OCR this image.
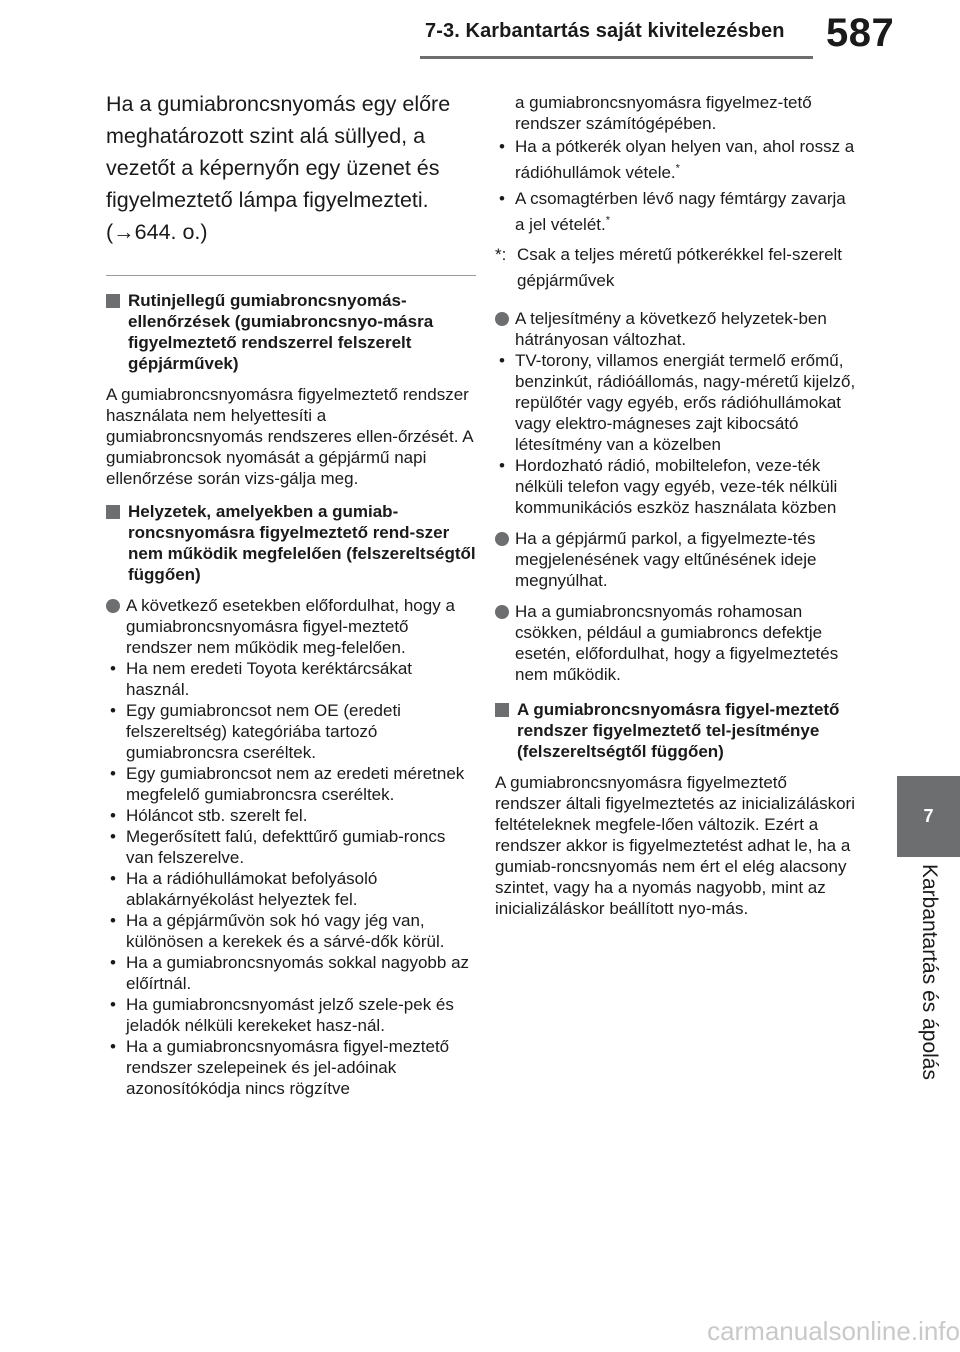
7-3. Karbantartás saját kivitelezésben 587
7
Karbantartás és ápolás

Ha a gumiabroncsnyomás egy előre meghatározott szint alá süllyed, a vezetőt a képernyőn egy üzenet és figyelmeztető lámpa figyelmezteti. (→644. o.)

Rutinjellegű gumiabroncsnyomás-ellenőrzések (gumiabroncsnyo-másra figyelmeztető rendszerrel felszerelt gépjárművek)

A gumiabroncsnyomásra figyelmeztető rendszer használata nem helyettesíti a gumiabroncsnyomás rendszeres ellen-őrzését. A gumiabroncsok nyomását a gépjármű napi ellenőrzése során vizs-gálja meg.

Helyzetek, amelyekben a gumiab-roncsnyomásra figyelmeztető rend-szer nem működik megfelelően (felszereltségtől függően)
A következő esetekben előfordulhat, hogy a gumiabroncsnyomásra figyel-meztető rendszer nem működik meg-felelően.
• Ha nem eredeti Toyota keréktárcsákat használ.
• Egy gumiabroncsot nem OE (eredeti felszereltség) kategóriába tartozó gumiabroncsra cseréltek.
• Egy gumiabroncsot nem az eredeti méretnek megfelelő gumiabroncsra cseréltek.
• Hóláncot stb. szerelt fel.
• Megerősített falú, defekttűrő gumiab-roncs van felszerelve.
• Ha a rádióhullámokat befolyásoló ablakárnyékolást helyeztek fel.
• Ha a gépjárművön sok hó vagy jég van, különösen a kerekek és a sárvé-dők körül.
• Ha a gumiabroncsnyomás sokkal nagyobb az előírtnál.
• Ha gumiabroncsnyomást jelző szele-pek és jeladók nélküli kerekeket hasz-nál.
• Ha a gumiabroncsnyomásra figyel-meztető rendszer szelepeinek és jel-adóinak azonosítókódja nincs rögzítve
a gumiabroncsnyomásra figyelmez-tető rendszer számítógépében.
• Ha a pótkerék olyan helyen van, ahol rossz a rádióhullámok vétele.*
• A csomagtérben lévő nagy fémtárgy zavarja a jel vételét.*
*: Csak a teljes méretű pótkerékkel fel-szerelt gépjárművek
A teljesítmény a következő helyzetek-ben hátrányosan változhat.
• TV-torony, villamos energiát termelő erőmű, benzinkút, rádióállomás, nagy-méretű kijelző, repülőtér vagy egyéb, erős rádióhullámokat vagy elektro-mágneses zajt kibocsátó létesítmény van a közelben
• Hordozható rádió, mobiltelefon, veze-ték nélküli telefon vagy egyéb, veze-ték nélküli kommunikációs eszköz használata közben
Ha a gépjármű parkol, a figyelmezte-tés megjelenésének vagy eltűnésének ideje megnyúlhat.
Ha a gumiabroncsnyomás rohamosan csökken, például a gumiabroncs defektje esetén, előfordulhat, hogy a figyelmeztetés nem működik.
A gumiabroncsnyomásra figyel-meztető rendszer figyelmeztető tel-jesítménye (felszereltségtől függően)

A gumiabroncsnyomásra figyelmeztető rendszer általi figyelmeztetés az inicializáláskori feltételeknek megfele-lően változik. Ezért a rendszer akkor is figyelmeztetést adhat le, ha a gumiab-roncsnyomás nem ért el elég alacsony szintet, vagy ha a nyomás nagyobb, mint az inicializáláskor beállított nyo-más.

carmanualsonline.info
